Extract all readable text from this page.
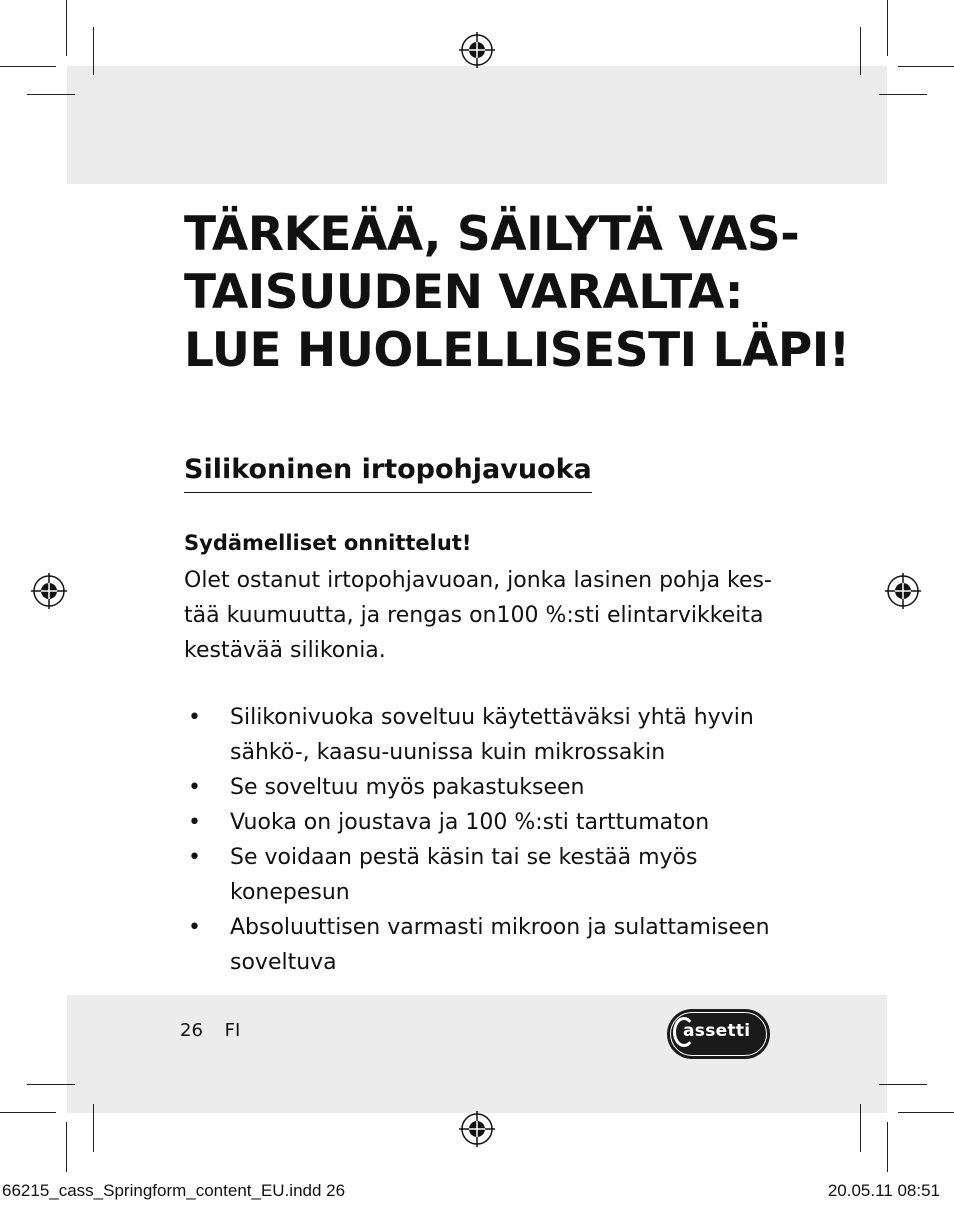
TÄRKEÄÄ, SÄILYTÄ VAS-
TAISUUDEN VARALTA:
LUE HUOLELLISESTI LÄPI!
Silikoninen irtopohjavuoka
Sydämelliset onnittelut!
Olet ostanut irtopohjavuoan, jonka lasinen pohja kes-
tää kuumuutta, ja rengas on100 %:sti elintarvikkeita
kestävää silikonia.
• Silikonivuoka soveltuu käytettäväksi yhtä hyvin
sähkö-, kaasu-uunissa kuin mikrossakin
• Se soveltuu myös pakastukseen
• Vuoka on joustava ja 100 %:sti tarttumaton
• Se voidaan pestä käsin tai se kestää myös
konepesun
• Absoluuttisen varmasti mikroon ja sulattamiseen
soveltuva
26 FI	assetti
66215_cass_Springform_content_EU.indd 26	20.05.11 08:51
